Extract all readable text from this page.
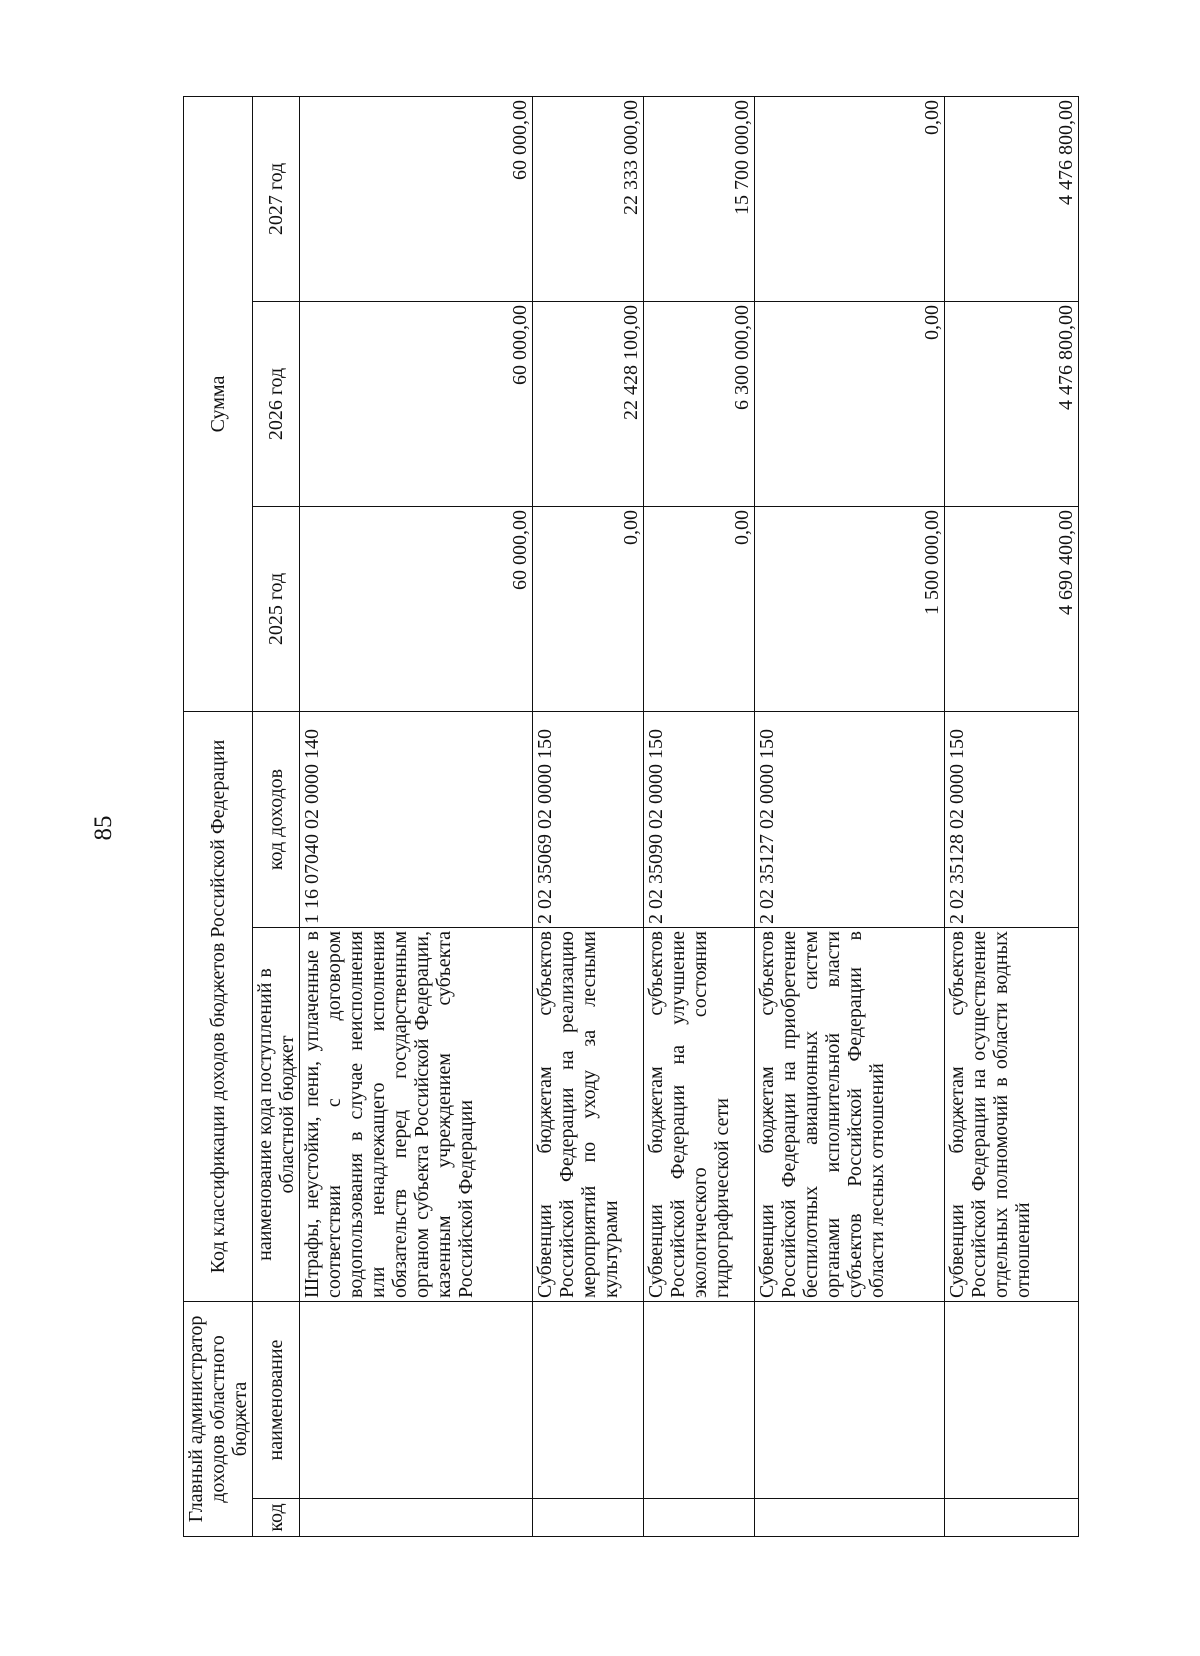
85
Главный администратор доходов областного бюджета		Код классификации доходов бюджетов Российской Федерации		Сумма		
код	наименование	наименование кода поступлений в областной бюджет	код доходов	2025 год	2026 год	2027 год
		Штрафы, неустойки, пени, уплаченные в соответствии с договором водопользования в случае неисполнения или ненадлежащего исполнения обязательств перед государственным органом субъекта Российской Федерации, казенным учреждением субъекта Российской Федерации	1 16 07040 02 0000 140	60 000,00	60 000,00	60 000,00
		Субвенции бюджетам субъектов Российской Федерации на реализацию мероприятий по уходу за лесными культурами	2 02 35069 02 0000 150	0,00	22 428 100,00	22 333 000,00
		Субвенции бюджетам субъектов Российской Федерации на улучшение экологического состояния гидрографической сети	2 02 35090 02 0000 150	0,00	6 300 000,00	15 700 000,00
		Субвенции бюджетам субъектов Российской Федерации на приобретение беспилотных авиационных систем органами исполнительной власти субъектов Российской Федерации в области лесных отношений	2 02 35127 02 0000 150	1 500 000,00	0,00	0,00
		Субвенции бюджетам субъектов Российской Федерации на осуществление отдельных полномочий в области водных отношений	2 02 35128 02 0000 150	4 690 400,00	4 476 800,00	4 476 800,00
